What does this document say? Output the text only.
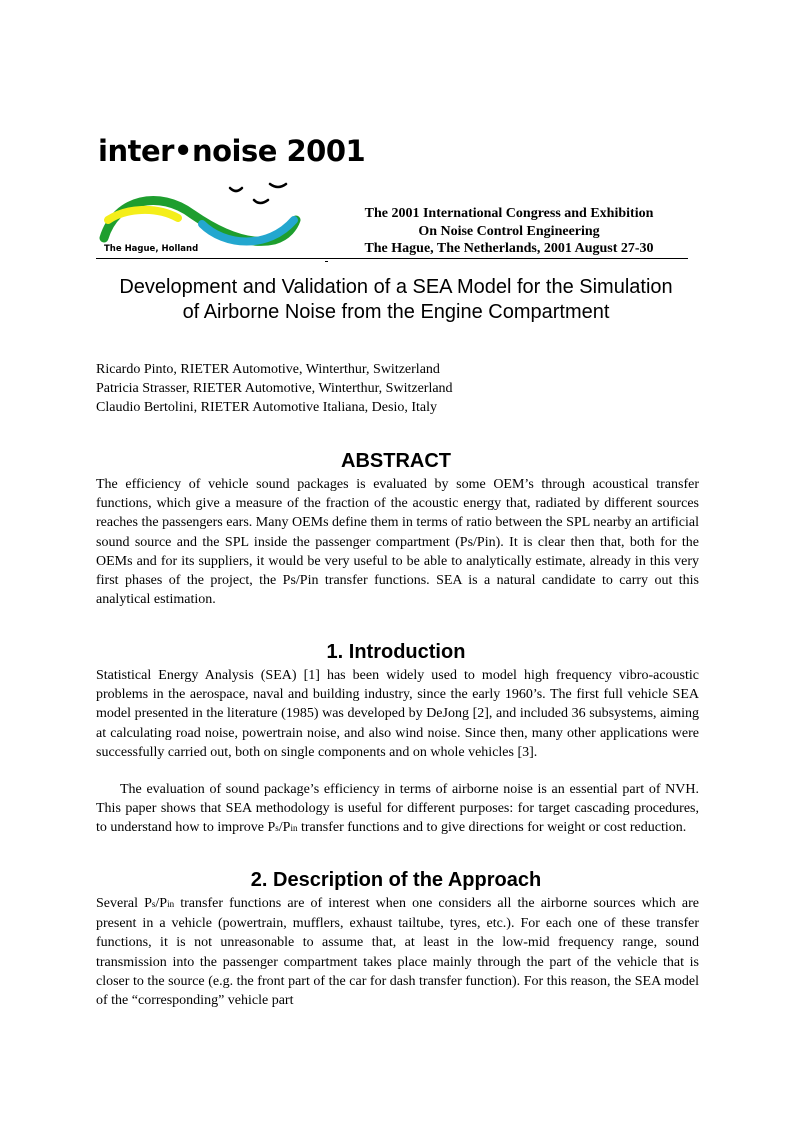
inter•noise 2001
The Hague, Holland
The 2001 International Congress and Exhibition
On Noise Control Engineering
The Hague, The Netherlands, 2001 August 27-30
Development and Validation of a SEA Model for the Simulation
of Airborne Noise from the Engine Compartment
Ricardo Pinto, RIETER Automotive, Winterthur, Switzerland
Patricia Strasser, RIETER Automotive, Winterthur, Switzerland
Claudio Bertolini, RIETER Automotive Italiana, Desio, Italy
ABSTRACT

The efficiency of vehicle sound packages is evaluated by some OEM’s through acoustical transfer functions, which give a measure of the fraction of the acoustic energy that, radiated by different sources reaches the passengers ears. Many OEMs define them in terms of ratio between the SPL nearby an artificial sound source and the SPL inside the passenger compartment (Ps/Pin). It is clear then that, both for the OEMs and for its suppliers, it would be very useful to be able to analytically estimate, already in this very first phases of the project, the Ps/Pin transfer functions. SEA is a natural candidate to carry out this analytical estimation.

1. Introduction

Statistical Energy Analysis (SEA) [1] has been widely used to model high frequency vibro-acoustic problems in the aerospace, naval and building industry, since the early 1960’s. The first full vehicle SEA model presented in the literature (1985) was developed by DeJong [2], and included 36 subsystems, aiming at calculating road noise, powertrain noise, and also wind noise. Since then, many other applications were successfully carried out, both on single components and on whole vehicles [3].

The evaluation of sound package’s efficiency in terms of airborne noise is an essential part of NVH. This paper shows that SEA methodology is useful for different purposes: for target cascading procedures, to understand how to improve Ps/Pin transfer functions and to give directions for weight or cost reduction.

2. Description of the Approach

Several Ps/Pin transfer functions are of interest when one considers all the airborne sources which are present in a vehicle (powertrain, mufflers, exhaust tailtube, tyres, etc.). For each one of these transfer functions, it is not unreasonable to assume that, at least in the low-mid frequency range, sound transmission into the passenger compartment takes place mainly through the part of the vehicle that is closer to the source (e.g. the front part of the car for dash transfer function). For this reason, the SEA model of the “corresponding” vehicle part
